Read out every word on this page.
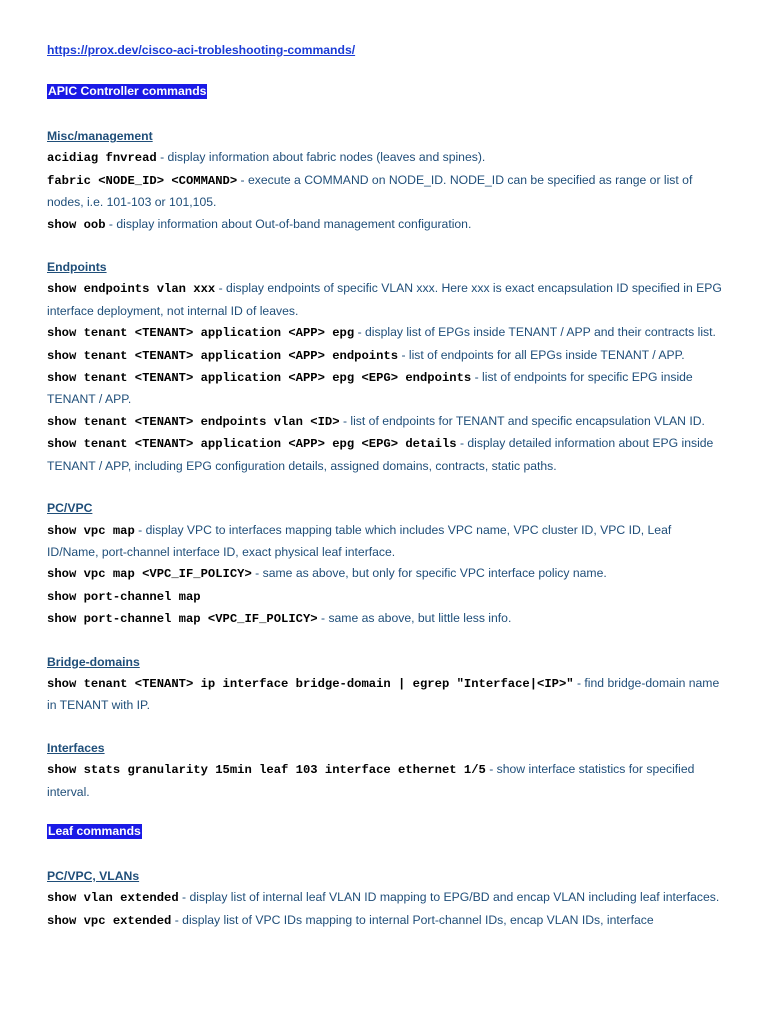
https://prox.dev/cisco-aci-trobleshooting-commands/
APIC Controller commands
Misc/management
acidiag fnvread - display information about fabric nodes (leaves and spines).
fabric <NODE_ID> <COMMAND> - execute a COMMAND on NODE_ID. NODE_ID can be specified as range or list of nodes, i.e. 101-103 or 101,105.
show oob - display information about Out-of-band management configuration.
Endpoints
show endpoints vlan xxx - display endpoints of specific VLAN xxx. Here xxx is exact encapsulation ID specified in EPG interface deployment, not internal ID of leaves.
show tenant <TENANT> application <APP> epg - display list of EPGs inside TENANT / APP and their contracts list.
show tenant <TENANT> application <APP> endpoints - list of endpoints for all EPGs inside TENANT / APP.
show tenant <TENANT> application <APP> epg <EPG> endpoints - list of endpoints for specific EPG inside TENANT / APP.
show tenant <TENANT> endpoints vlan <ID> - list of endpoints for TENANT and specific encapsulation VLAN ID.
show tenant <TENANT> application <APP> epg <EPG> details - display detailed information about EPG inside TENANT / APP, including EPG configuration details, assigned domains, contracts, static paths.
PC/VPC
show vpc map - display VPC to interfaces mapping table which includes VPC name, VPC cluster ID, VPC ID, Leaf ID/Name, port-channel interface ID, exact physical leaf interface.
show vpc map <VPC_IF_POLICY> - same as above, but only for specific VPC interface policy name.
show port-channel map
show port-channel map <VPC_IF_POLICY> - same as above, but little less info.
Bridge-domains
show tenant <TENANT> ip interface bridge-domain | egrep "Interface|<IP>" - find bridge-domain name in TENANT with IP.
Interfaces
show stats granularity 15min leaf 103 interface ethernet 1/5 - show interface statistics for specified interval.
Leaf commands
PC/VPC, VLANs
show vlan extended - display list of internal leaf VLAN ID mapping to EPG/BD and encap VLAN including leaf interfaces.
show vpc extended - display list of VPC IDs mapping to internal Port-channel IDs, encap VLAN IDs, interface
